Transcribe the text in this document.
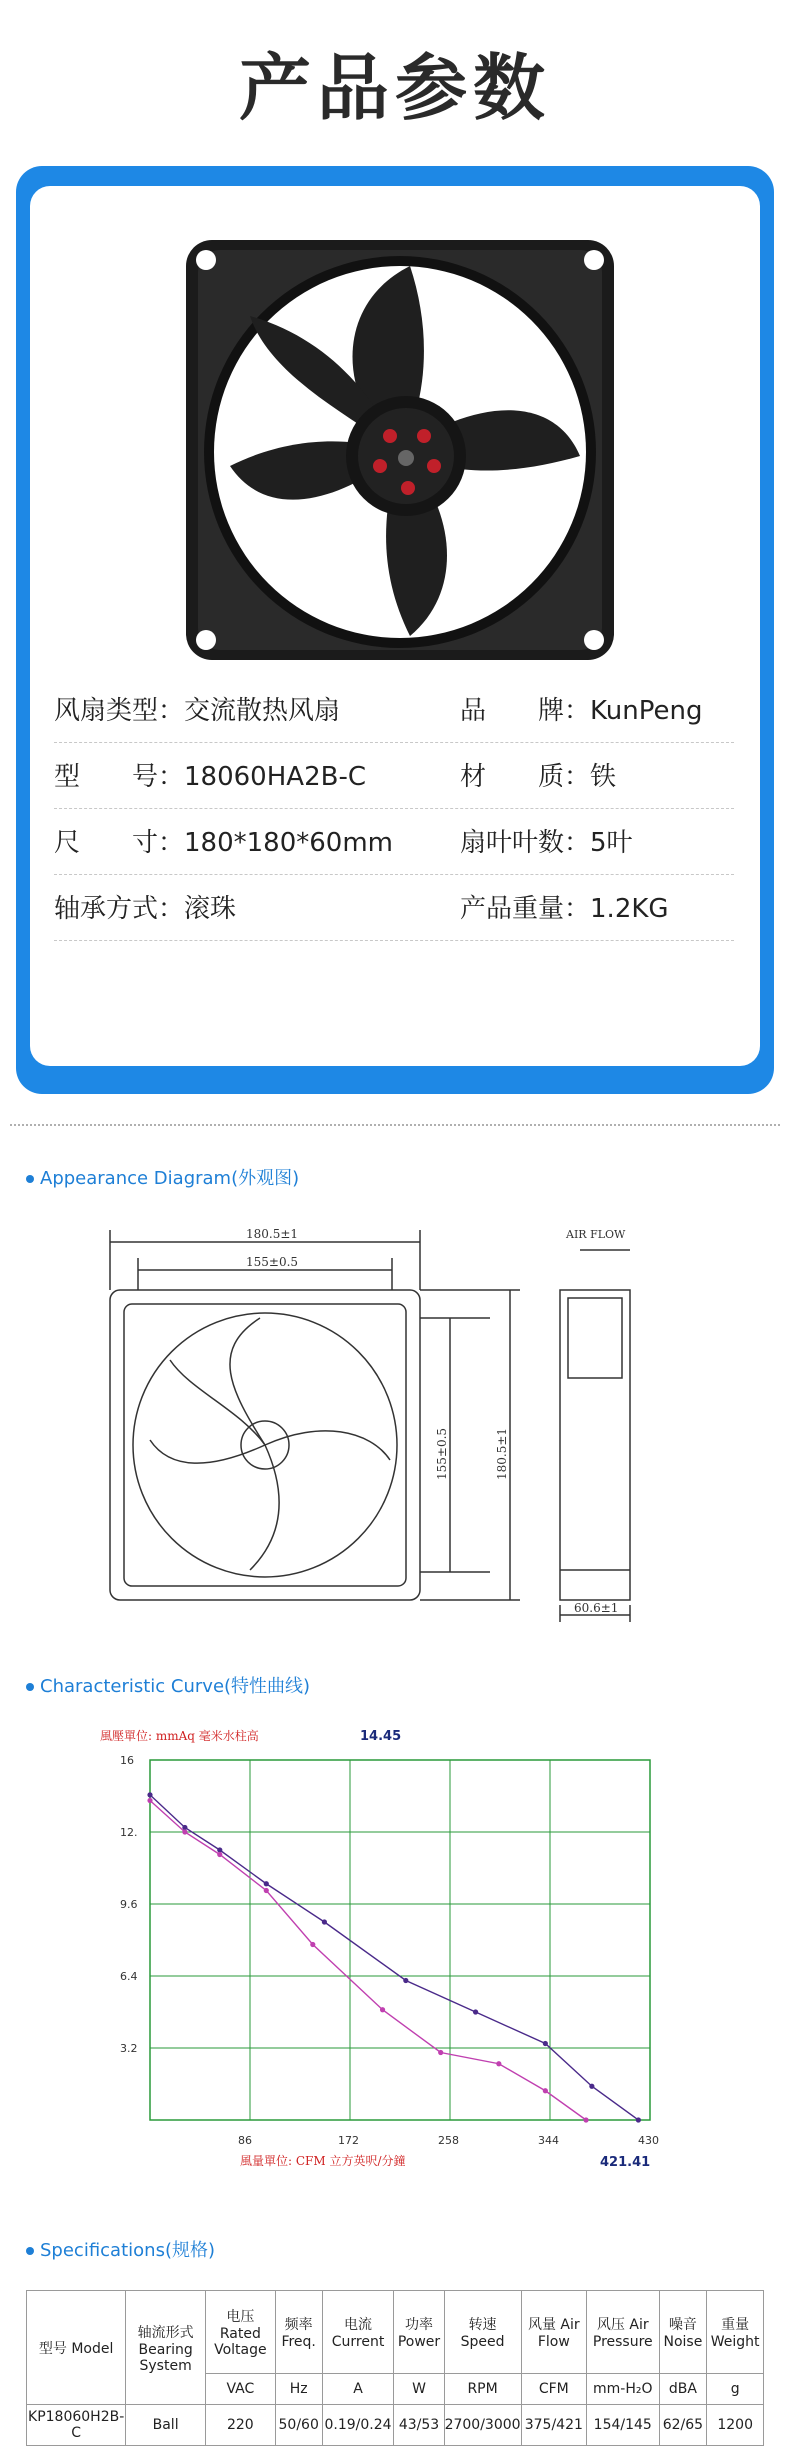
产品参数
风扇类型：交流散热风扇	品　　牌：KunPeng
型　　号：18060HA2B-C	材　　质：铁
尺　　寸：180*180*60mm	扇叶叶数：5叶
轴承方式：滚珠	产品重量：1.2KG
Appearance Diagram(外观图)
AIR FLOW
180.5±1
155±0.5
155±0.5	180.5±1
60.6±1
Characteristic Curve(特性曲线)
86	172	258	344	430
3.2
6.4
9.6
12.
16
風壓單位: mmAq 毫米水柱高	14.45
風量單位: CFM 立方英呎/分鐘	421.41
Specifications(规格)
型号 Model	轴流形式 Bearing System	电压 Rated Voltage	频率 Freq.	电流 Current	功率 Power	转速 Speed	风量 Air Flow	风压 Air Pressure	噪音 Noise	重量 Weight
		VAC	Hz	A	W	RPM	CFM	mm-H₂O	dBA	g
KP18060H2B-C	Ball	220	50/60	0.19/0.24	43/53	2700/3000	375/421	154/145	62/65	1200
